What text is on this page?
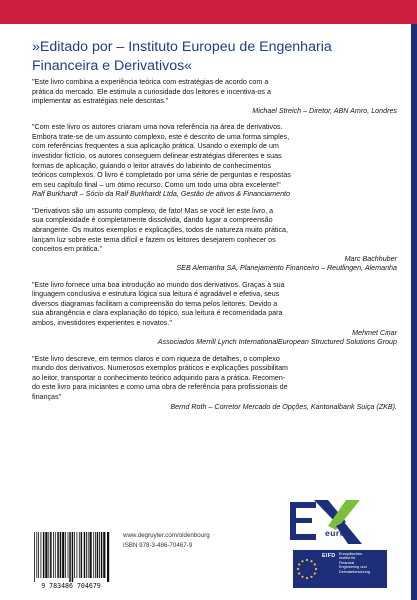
»Editado por – Instituto Europeu de Engenharia
Financeira e Derivativos«
"Este livro combina a experiência teórica com estratégias de acordo com a
prática do mercado. Ele estimula a curiosidade dos leitores e incentiva-os a
implementar as estratégias nele descritas."
Michael Streich – Diretor, ABN Amro, Londres
"Com este livro os autores criaram uma nova referência na área de derivativos.
Embora trate-se de um assunto complexo, este é descrito de uma forma simples,
com referências frequentes a sua aplicação prática. Usando o exemplo de um
investidor fictício, os autores conseguem delinear estratégias diferentes e suas
formas de aplicação, guiando o leitor através do labirinto de conhecimentos
teóricos complexos. O livro é completado por uma série de perguntas e respostas
em seu capítulo final – um ótimo recurso. Como um todo uma obra excelente!"
Ralf Burkhardt – Sócio da Ralf Burkhardt Ltda, Gestão de ativos & Financiamento
"Derivativos são um assunto complexo, de fato! Mas se você ler este livro, a
sua complexidade é completamente dissolvida, dando lugar a compreensão
abrangente. Os muitos exemplos e explicações, todos de natureza muito prática,
lançam luz sobre este tema difícil e fazem os leitores desejarem conhecer os
conceitos em prática."
Marc Bachhuber
SEB Alemanha SA, Planejamento Financeiro – Reutlingen, Alemanha
"Este livro fornece uma boa introdução ao mundo dos derivativos. Graças à sua
linguagem conclusiva e estrutura lógica sua leitura é agradável e efetiva, seus
diversos diagramas facilitam a compreensão do tema pelos leitores. Devido a
sua abrangência e clara explanação do tópico, sua leitura é recomendada para
ambos, investidores experientes e novatos."
Mehmet Cinar
Associados Merrill Lynch InternationalEuropean Structured Solutions Group
"Este livro descreve, em termos claros e com riqueza de detalhes, o complexo
mundo dos derivativos. Numerosos exemplos práticos e explicações possibilitam
ao leitor, transportar o conhecimento teórico adquirido para a prática. Recomen-
do este livro para iniciantes e como uma obra de referência para profissionais de
finanças"
Bernd Roth – Corretor Mercado de Opções, Kantonalbank Suiça (ZKB).
9 783486 704679
www.degruyter.com/oldenbourg
ISBN 978-3-486-70467-9
eurex
EIFD Europäisches
Institut für
Financial
Engineering und
Derivateforschung
